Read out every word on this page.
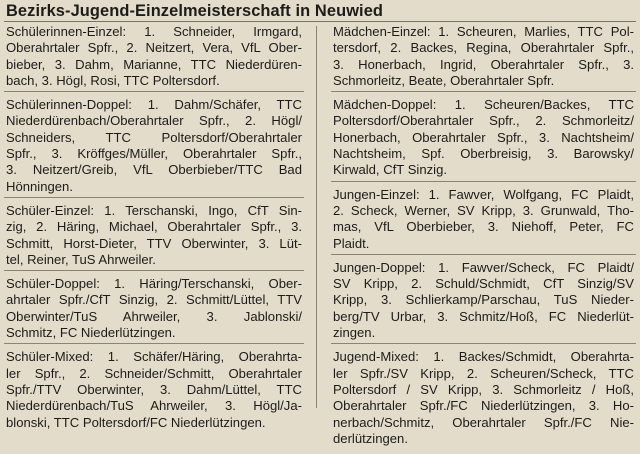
Bezirks-Jugend-Einzelmeisterschaft in Neuwied

Schülerinnen-Einzel: 1. Schneider, Irmgard,
Oberahrtaler Spfr., 2. Neitzert, Vera, VfL Ober-
bieber, 3. Dahm, Marianne, TTC Niederdüren-
bach, 3. Högl, Rosi, TTC Poltersdorf.

Schülerinnen-Doppel: 1. Dahm/Schäfer, TTC
Niederdürenbach/Oberahrtaler Spfr., 2. Högl/
Schneiders, TTC Poltersdorf/Oberahrtaler
Spfr., 3. Kröffges/Müller, Oberahrtaler Spfr.,
3. Neitzert/Greib, VfL Oberbieber/TTC Bad
Hönningen.

Schüler-Einzel: 1. Terschanski, Ingo, CfT Sin-
zig, 2. Häring, Michael, Oberahrtaler Spfr., 3.
Schmitt, Horst-Dieter, TTV Oberwinter, 3. Lüt-
tel, Reiner, TuS Ahrweiler.

Schüler-Doppel: 1. Häring/Terschanski, Ober-
ahrtaler Spfr./CfT Sinzig, 2. Schmitt/Lüttel, TTV
Oberwinter/TuS Ahrweiler, 3. Jablonski/
Schmitz, FC Niederlützingen.

Schüler-Mixed: 1. Schäfer/Häring, Oberahrta-
ler Spfr., 2. Schneider/Schmitt, Oberahrtaler
Spfr./TTV Oberwinter, 3. Dahm/Lüttel, TTC
Niederdürenbach/TuS Ahrweiler, 3. Högl/Ja-
blonski, TTC Poltersdorf/FC Niederlützingen.

Mädchen-Einzel: 1. Scheuren, Marlies, TTC Pol-
tersdorf, 2. Backes, Regina, Oberahrtaler Spfr.,
3. Honerbach, Ingrid, Oberahrtaler Spfr., 3.
Schmorleitz, Beate, Oberahrtaler Spfr.

Mädchen-Doppel: 1. Scheuren/Backes, TTC
Poltersdorf/Oberahrtaler Spfr., 2. Schmorleitz/
Honerbach, Oberahrtaler Spfr., 3. Nachtsheim/
Nachtsheim, Spf. Oberbreisig, 3. Barowsky/
Kirwald, CfT Sinzig.

Jungen-Einzel: 1. Fawver, Wolfgang, FC Plaidt,
2. Scheck, Werner, SV Kripp, 3. Grunwald, Tho-
mas, VfL Oberbieber, 3. Niehoff, Peter, FC
Plaidt.

Jungen-Doppel: 1. Fawver/Scheck, FC Plaidt/
SV Kripp, 2. Schuld/Schmidt, CfT Sinzig/SV
Kripp, 3. Schlierkamp/Parschau, TuS Nieder-
berg/TV Urbar, 3. Schmitz/Hoß, FC Niederlüt-
zingen.

Jugend-Mixed: 1. Backes/Schmidt, Oberahrta-
ler Spfr./SV Kripp, 2. Scheuren/Scheck, TTC
Poltersdorf / SV Kripp, 3. Schmorleitz / Hoß,
Oberahrtaler Spfr./FC Niederlützingen, 3. Ho-
nerbach/Schmitz, Oberahrtaler Spfr./FC Nie-
derlützingen.
